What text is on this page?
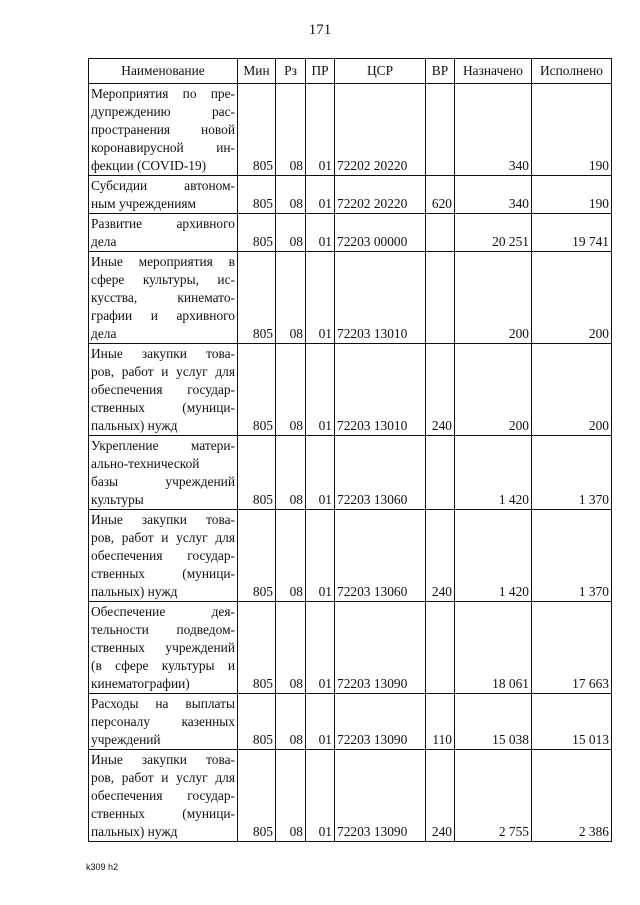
171
Наименование	Мин	Рз	ПР	ЦСР	ВР	Назначено	Исполнено

Мероприятия по пре-
дупреждению рас-
пространения новой
коронавирусной ин-
фекции (COVID-19)	805	08	01	72202 20220		340	190

Субсидии автоном-
ным учреждениям	805	08	01	72202 20220	620	340	190

Развитие архивного
дела	805	08	01	72203 00000		20 251	19 741

Иные мероприятия в
сфере культуры, ис-
кусства, кинемато-
графии и архивного
дела	805	08	01	72203 13010		200	200

Иные закупки това-
ров, работ и услуг для
обеспечения государ-
ственных (муници-
пальных) нужд	805	08	01	72203 13010	240	200	200

Укрепление матери-
ально-технической
базы учреждений
культуры	805	08	01	72203 13060		1 420	1 370

Иные закупки това-
ров, работ и услуг для
обеспечения государ-
ственных (муници-
пальных) нужд	805	08	01	72203 13060	240	1 420	1 370

Обеспечение дея-
тельности подведом-
ственных учреждений
(в сфере культуры и
кинематографии)	805	08	01	72203 13090		18 061	17 663

Расходы на выплаты
персоналу казенных
учреждений	805	08	01	72203 13090	110	15 038	15 013

Иные закупки това-
ров, работ и услуг для
обеспечения государ-
ственных (муници-
пальных) нужд	805	08	01	72203 13090	240	2 755	2 386
k309 h2
